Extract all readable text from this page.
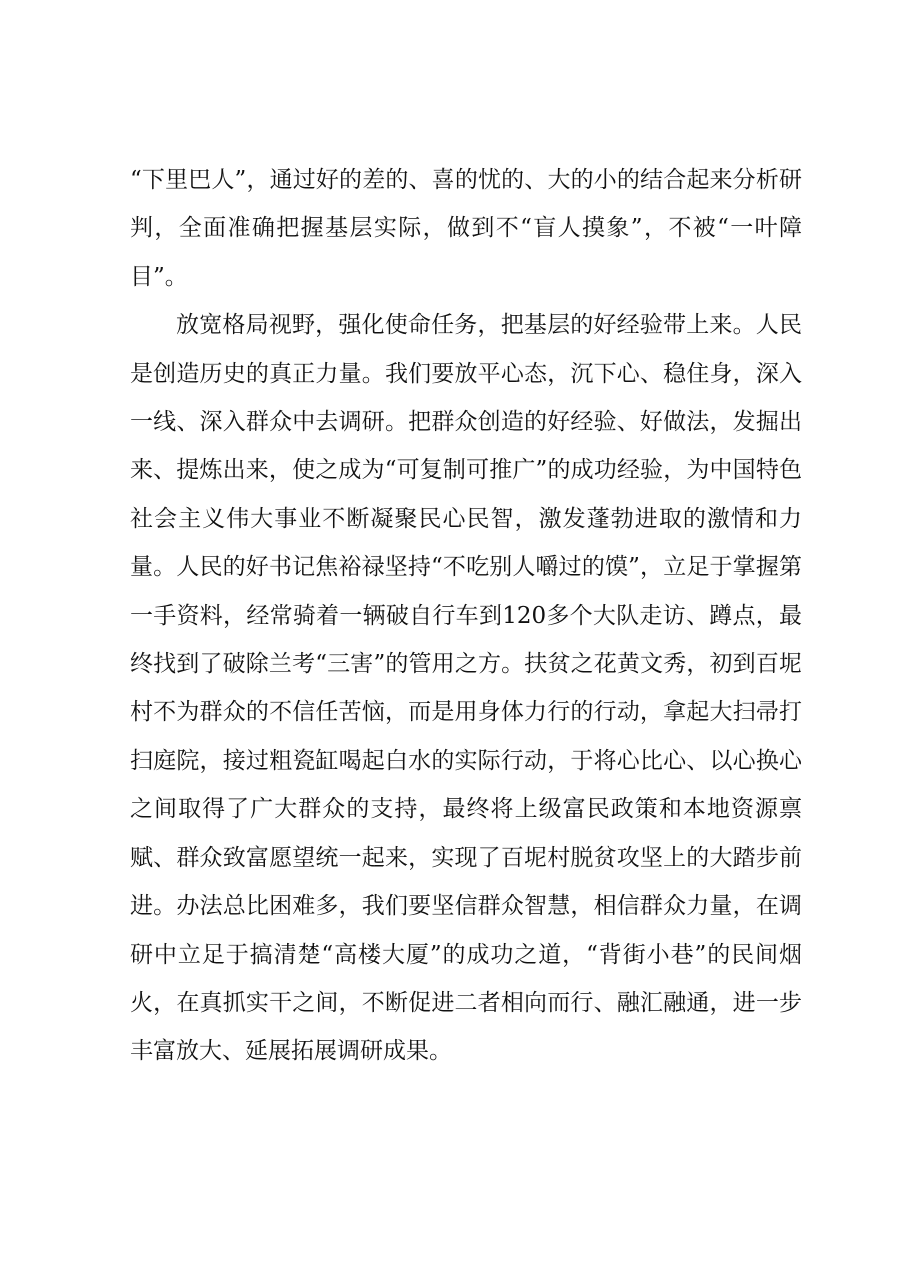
“下里巴人”，通过好的差的、喜的忧的、大的小的结合起来分析研判，全面准确把握基层实际，做到不“盲人摸象”，不被“一叶障目”。

放宽格局视野，强化使命任务，把基层的好经验带上来。人民是创造历史的真正力量。我们要放平心态，沉下心、稳住身，深入一线、深入群众中去调研。把群众创造的好经验、好做法，发掘出来、提炼出来，使之成为“可复制可推广”的成功经验，为中国特色社会主义伟大事业不断凝聚民心民智，激发蓬勃进取的激情和力量。人民的好书记焦裕禄坚持“不吃别人嚼过的馍”，立足于掌握第一手资料，经常骑着一辆破自行车到120多个大队走访、蹲点，最终找到了破除兰考“三害”的管用之方。扶贫之花黄文秀，初到百坭村不为群众的不信任苦恼，而是用身体力行的行动，拿起大扫帚打扫庭院，接过粗瓷缸喝起白水的实际行动，于将心比心、以心换心之间取得了广大群众的支持，最终将上级富民政策和本地资源禀赋、群众致富愿望统一起来，实现了百坭村脱贫攻坚上的大踏步前进。办法总比困难多，我们要坚信群众智慧，相信群众力量，在调研中立足于搞清楚“高楼大厦”的成功之道，“背街小巷”的民间烟火，在真抓实干之间，不断促进二者相向而行、融汇融通，进一步丰富放大、延展拓展调研成果。
